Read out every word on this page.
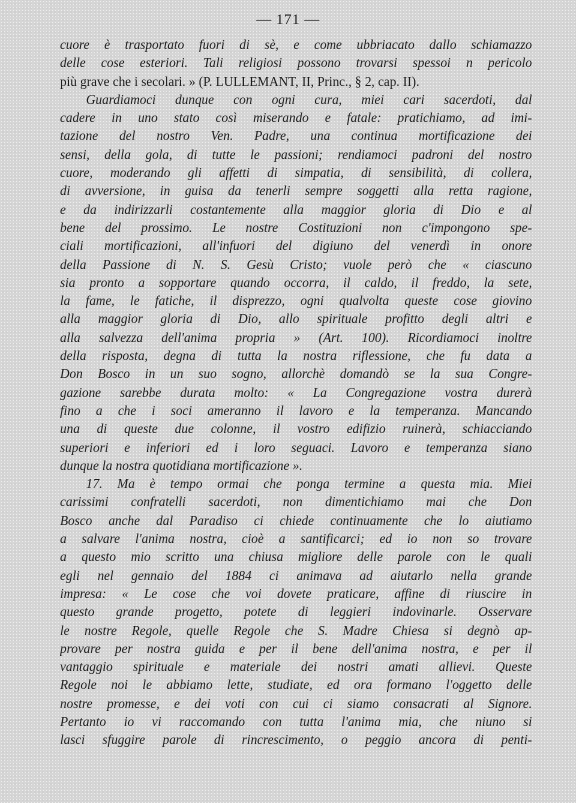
— 171 —
cuore è trasportato fuori di sè, e come ubbriacato dallo schiamazzo
delle cose esteriori. Tali religiosi possono trovarsi spessoi n pericolo
più grave che i secolari. » (P. LULLEMANT, II, Princ., § 2, cap. II).
Guardiamoci dunque con ogni cura, miei cari sacerdoti, dal
cadere in uno stato così miserando e fatale: pratichiamo, ad imi-
tazione del nostro Ven. Padre, una continua mortificazione dei
sensi, della gola, di tutte le passioni; rendiamoci padroni del nostro
cuore, moderando gli affetti di simpatia, di sensibilità, di collera,
di avversione, in guisa da tenerli sempre soggetti alla retta ragione,
e da indirizzarli costantemente alla maggior gloria di Dio e al
bene del prossimo. Le nostre Costituzioni non c'impongono spe-
ciali mortificazioni, all'infuori del digiuno del venerdì in onore
della Passione di N. S. Gesù Cristo; vuole però che « ciascuno
sia pronto a sopportare quando occorra, il caldo, il freddo, la sete,
la fame, le fatiche, il disprezzo, ogni qualvolta queste cose giovino
alla maggior gloria di Dio, allo spirituale profitto degli altri e
alla salvezza dell'anima propria » (Art. 100). Ricordiamoci inoltre
della risposta, degna di tutta la nostra riflessione, che fu data a
Don Bosco in un suo sogno, allorchè domandò se la sua Congre-
gazione sarebbe durata molto: « La Congregazione vostra durerà
fino a che i soci ameranno il lavoro e la temperanza. Mancando
una di queste due colonne, il vostro edifizio ruinerà, schiacciando
superiori e inferiori ed i loro seguaci. Lavoro e temperanza siano
dunque la nostra quotidiana mortificazione ».
17. Ma è tempo ormai che ponga termine a questa mia. Miei
carissimi confratelli sacerdoti, non dimentichiamo mai che Don
Bosco anche dal Paradiso ci chiede continuamente che lo aiutiamo
a salvare l'anima nostra, cioè a santificarci; ed io non so trovare
a questo mio scritto una chiusa migliore delle parole con le quali
egli nel gennaio del 1884 ci animava ad aiutarlo nella grande
impresa: « Le cose che voi dovete praticare, affine di riuscire in
questo grande progetto, potete di leggieri indovinarle. Osservare
le nostre Regole, quelle Regole che S. Madre Chiesa si degnò ap-
provare per nostra guida e per il bene dell'anima nostra, e per il
vantaggio spirituale e materiale dei nostri amati allievi. Queste
Regole noi le abbiamo lette, studiate, ed ora formano l'oggetto delle
nostre promesse, e dei voti con cui ci siamo consacrati al Signore.
Pertanto io vi raccomando con tutta l'anima mia, che niuno si
lasci sfuggire parole di rincrescimento, o peggio ancora di penti-
